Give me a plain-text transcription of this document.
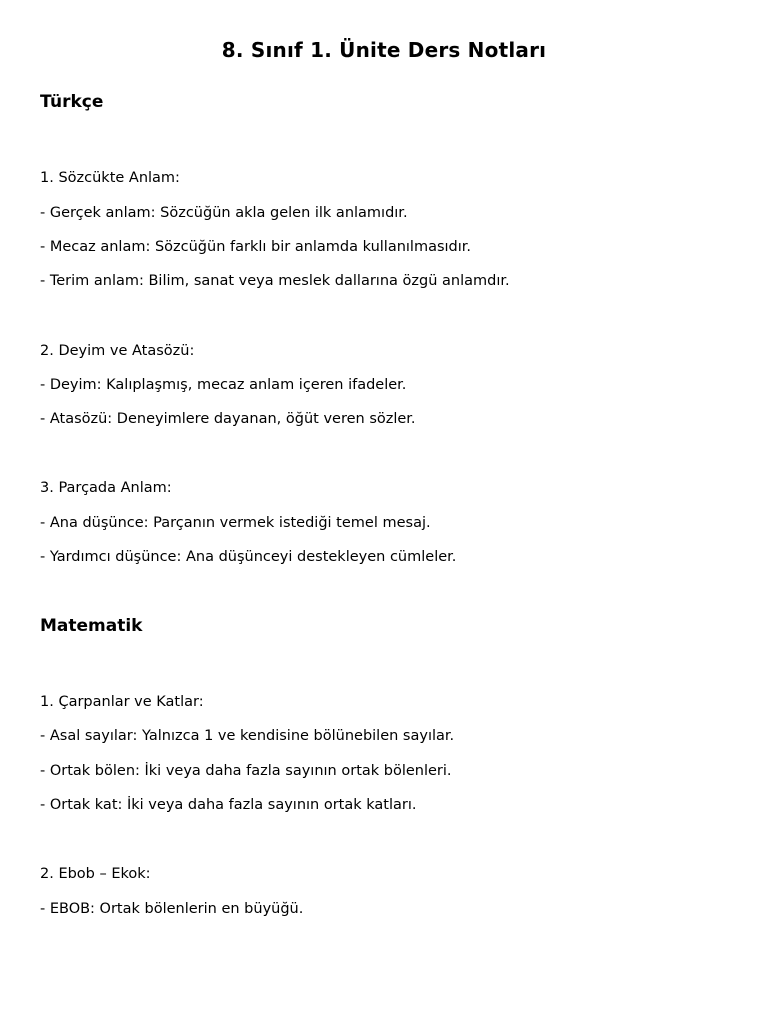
8. Sınıf 1. Ünite Ders Notları
Türkçe
1. Sözcükte Anlam:
- Gerçek anlam: Sözcüğün akla gelen ilk anlamıdır.
- Mecaz anlam: Sözcüğün farklı bir anlamda kullanılmasıdır.
- Terim anlam: Bilim, sanat veya meslek dallarına özgü anlamdır.
2. Deyim ve Atasözü:
- Deyim: Kalıplaşmış, mecaz anlam içeren ifadeler.
- Atasözü: Deneyimlere dayanan, öğüt veren sözler.
3. Parçada Anlam:
- Ana düşünce: Parçanın vermek istediği temel mesaj.
- Yardımcı düşünce: Ana düşünceyi destekleyen cümleler.
Matematik
1. Çarpanlar ve Katlar:
- Asal sayılar: Yalnızca 1 ve kendisine bölünebilen sayılar.
- Ortak bölen: İki veya daha fazla sayının ortak bölenleri.
- Ortak kat: İki veya daha fazla sayının ortak katları.
2. Ebob – Ekok:
- EBOB: Ortak bölenlerin en büyüğü.
